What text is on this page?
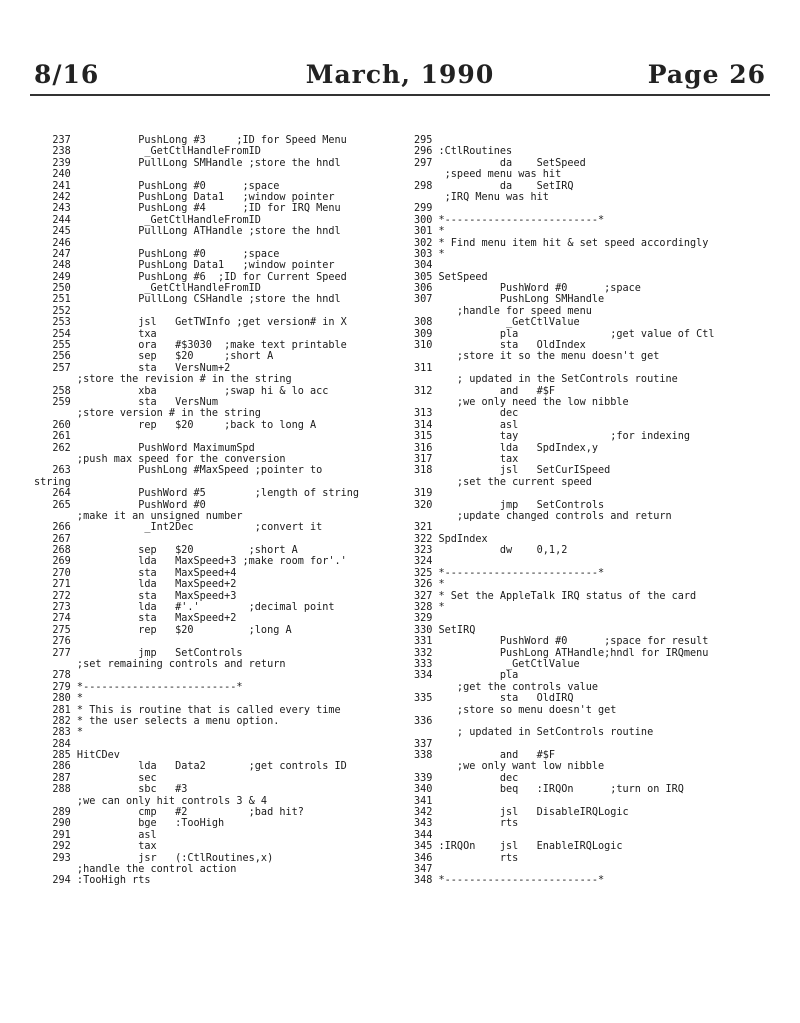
8/16	March, 1990	Page 26
237           PushLong #3     ;ID for Speed Menu
238            _GetCtlHandleFromID
239           PullLong SMHandle ;store the hndl
240
241           PushLong #0      ;space
242           PushLong Data1   ;window pointer
243           PushLong #4      ;ID for IRQ Menu
244            _GetCtlHandleFromID
245           PullLong ATHandle ;store the hndl
246
247           PushLong #0      ;space
248           PushLong Data1   ;window pointer
249           PushLong #6  ;ID for Current Speed
250            _GetCtlHandleFromID
251           PullLong CSHandle ;store the hndl
252
253           jsl   GetTWInfo ;get version# in X
254           txa
255           ora   #$3030  ;make text printable
256           sep   $20     ;short A
257           sta   VersNum+2
;store the revision # in the string
258           xba           ;swap hi & lo acc
259           sta   VersNum
;store version # in the string
260           rep   $20     ;back to long A
261
262           PushWord MaximumSpd
;push max speed for the conversion
263           PushLong #MaxSpeed ;pointer to
string
264           PushWord #5        ;length of string
265           PushWord #0
;make it an unsigned number
266            _Int2Dec          ;convert it
267
268           sep   $20         ;short A
269           lda   MaxSpeed+3 ;make room for'.'
270           sta   MaxSpeed+4
271           lda   MaxSpeed+2
272           sta   MaxSpeed+3
273           lda   #'.'        ;decimal point
274           sta   MaxSpeed+2
275           rep   $20         ;long A
276
277           jmp   SetControls
;set remaining controls and return
278
279 *-------------------------*
280 *
281 * This is routine that is called every time
282 * the user selects a menu option.
283 *
284
285 HitCDev
286           lda   Data2       ;get controls ID
287           sec
288           sbc   #3
;we can only hit controls 3 & 4
289           cmp   #2          ;bad hit?
290           bge   :TooHigh
291           asl
292           tax
293           jsr   (:CtlRoutines,x)
;handle the control action
294 :TooHigh rts
295
296 :CtlRoutines
297           da    SetSpeed
;speed menu was hit
298           da    SetIRQ
;IRQ Menu was hit
299
300 *-------------------------*
301 *
302 * Find menu item hit & set speed accordingly
303 *
304
305 SetSpeed
306           PushWord #0      ;space
307           PushLong SMHandle
;handle for speed menu
308            _GetCtlValue
309           pla               ;get value of Ctl
310           sta   OldIndex
;store it so the menu doesn't get
311
; updated in the SetControls routine
312           and   #$F
;we only need the low nibble
313           dec
314           asl
315           tay               ;for indexing
316           lda   SpdIndex,y
317           tax
318           jsl   SetCurISpeed
;set the current speed
319
320           jmp   SetControls
;update changed controls and return
321
322 SpdIndex
323           dw    0,1,2
324
325 *-------------------------*
326 *
327 * Set the AppleTalk IRQ status of the card
328 *
329
330 SetIRQ
331           PushWord #0      ;space for result
332           PushLong ATHandle;hndl for IRQmenu
333            _GetCtlValue
334           pla
;get the controls value
335           sta   OldIRQ
;store so menu doesn't get
336
; updated in SetControls routine
337
338           and   #$F
;we only want low nibble
339           dec
340           beq   :IRQOn      ;turn on IRQ
341
342           jsl   DisableIRQLogic
343           rts
344
345 :IRQOn    jsl   EnableIRQLogic
346           rts
347
348 *-------------------------*
